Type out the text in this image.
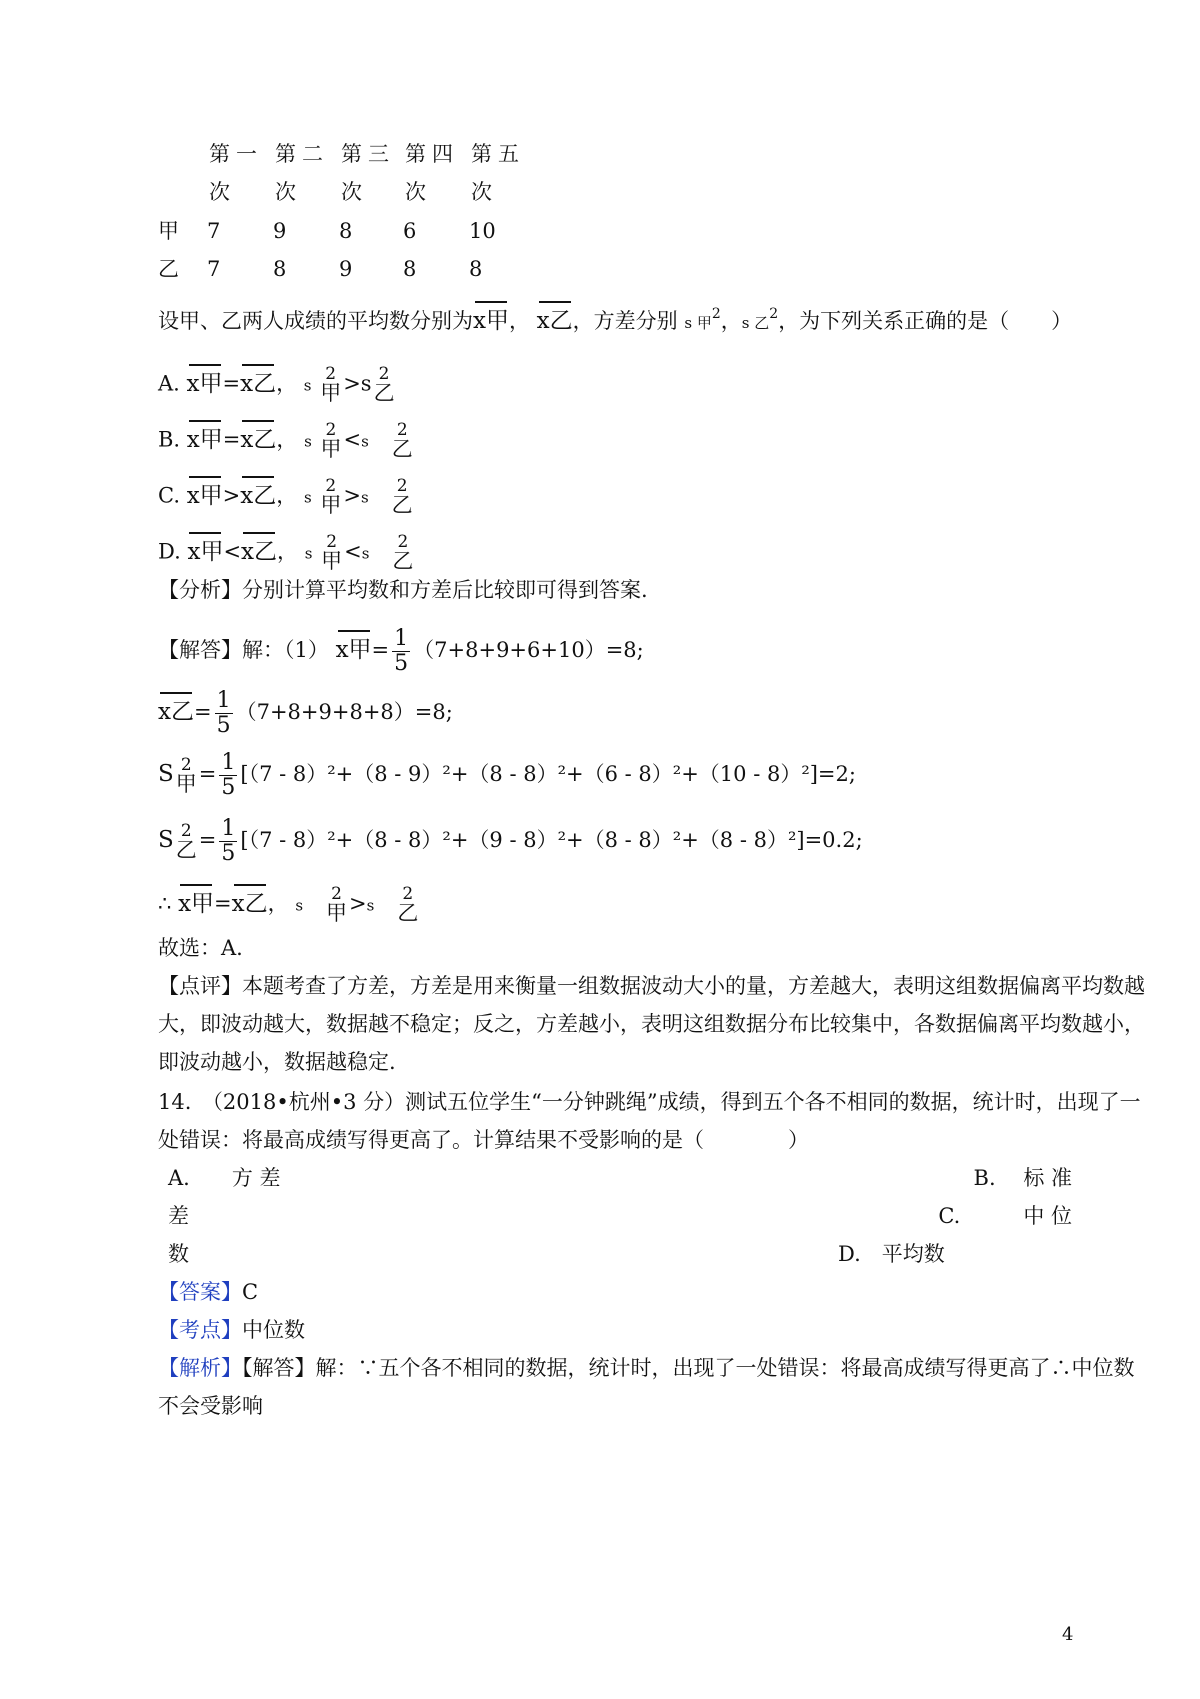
第一 第二 第三 第四 第五
次 次 次 次 次
甲 7	9	8 6	10
乙 7	8	9 8	8
设甲、乙两人成绩的平均数分别为x甲， x乙，方差分别 s 甲2，s 乙2，为下列关系正确的是（　　）
A. x甲=x乙， s
2
甲 >s 2
乙
B. x甲=x乙， s
2
甲 <s　
2
乙
C. x甲>x乙， s
2
甲 >s　
2
乙
D. x甲<x乙， s
2
甲 <s　
2
乙
【分析】分别计算平均数和方差后比较即可得到答案.
【解答】解：（1） x甲= $\frac{1}{5} (7+8+9+6+10)=8$;
x乙= $\frac{1}{5} (7+8+9+8+8)=8$;
S 2
甲 = $\frac{1}{5} [(7 - 8)^2+(8 - 9)^2+(8 - 8)^2+(6 - 8)^2+(10 - 8)^2]=2$;
S 2
乙 = $\frac{1}{5} [(7 - 8)^2+(8 - 8)^2+(9 - 8)^2+(8 - 8)^2+(8 - 8)^2]=0.2$;
∴ x甲=x乙， s　
2
甲 >s　
2
乙
故选：A.
【点评】本题考查了方差，方差是用来衡量一组数据波动大小的量，方差越大，表明这组数据偏离平均数越
大，即波动越大，数据越不稳定；反之，方差越小，表明这组数据分布比较集中，各数据偏离平均数越小，
即波动越小，数据越稳定.
14.　（2018•杭州•3 分）测试五位学生“一分钟跳绳”成绩，得到五个各不相同的数据，统计时，出现了一
处错误：将最高成绩写得更高了。计算结果不受影响的是（　　　　）
A.　　方 差	B.　 标 准
差	C.　　　中 位
数	D.　平均数
【答案】C
【考点】中位数
【解析】【解答】解：∵五个各不相同的数据，统计时，出现了一处错误：将最高成绩写得更高了∴中位数
不会受影响
4
